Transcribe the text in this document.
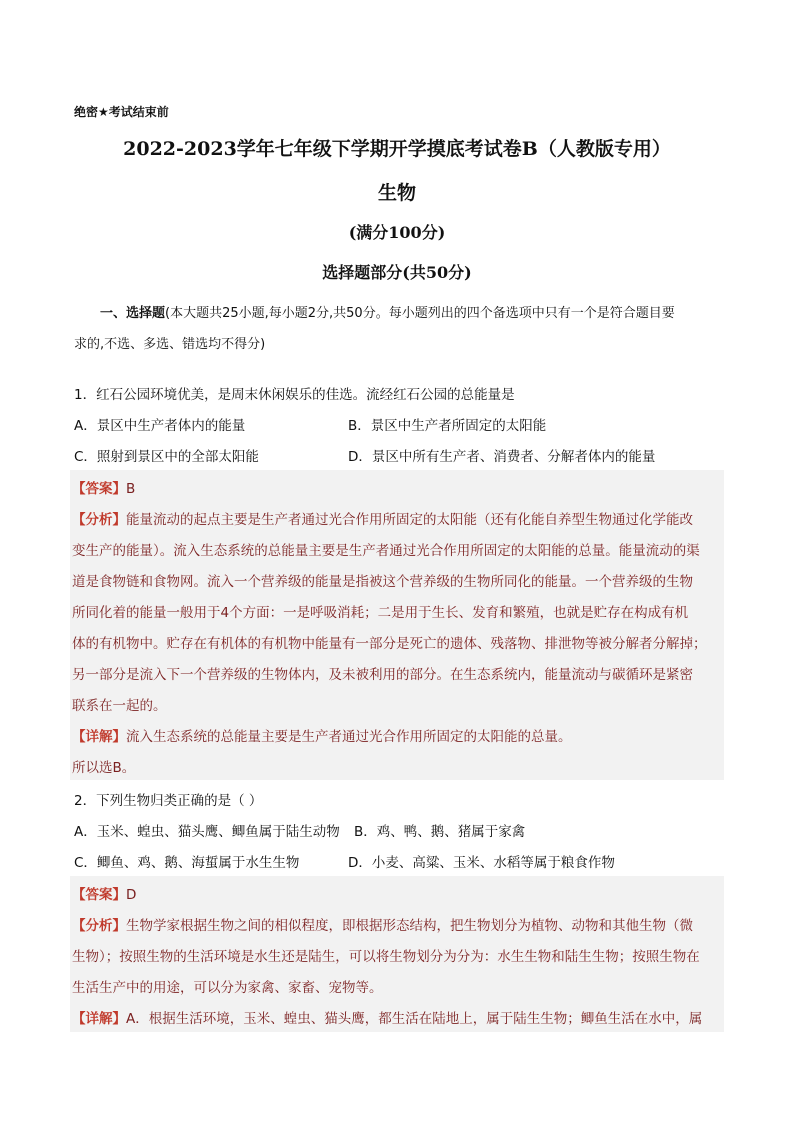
绝密★考试结束前
2022-2023学年七年级下学期开学摸底考试卷B（人教版专用）
生物
(满分100分)
选择题部分(共50分)
一、选择题(本大题共25小题,每小题2分,共50分。每小题列出的四个备选项中只有一个是符合题目要
求的,不选、多选、错选均不得分)
1．红石公园环境优美，是周末休闲娱乐的佳选。流经红石公园的总能量是
A．景区中生产者体内的能量	B．景区中生产者所固定的太阳能
C．照射到景区中的全部太阳能	D．景区中所有生产者、消费者、分解者体内的能量
【答案】B
【分析】能量流动的起点主要是生产者通过光合作用所固定的太阳能（还有化能自养型生物通过化学能改
变生产的能量）。流入生态系统的总能量主要是生产者通过光合作用所固定的太阳能的总量。能量流动的渠
道是食物链和食物网。流入一个营养级的能量是指被这个营养级的生物所同化的能量。一个营养级的生物
所同化着的能量一般用于4个方面：一是呼吸消耗；二是用于生长、发育和繁殖，也就是贮存在构成有机
体的有机物中。贮存在有机体的有机物中能量有一部分是死亡的遗体、残落物、排泄物等被分解者分解掉；
另一部分是流入下一个营养级的生物体内，及未被利用的部分。在生态系统内，能量流动与碳循环是紧密
联系在一起的。
【详解】流入生态系统的总能量主要是生产者通过光合作用所固定的太阳能的总量。
所以选B。
2．下列生物归类正确的是（ ）
A．玉米、蝗虫、猫头鹰、鲫鱼属于陆生动物 B．鸡、鸭、鹅、猪属于家禽
C．鲫鱼、鸡、鹅、海蜇属于水生生物	D．小麦、高粱、玉米、水稻等属于粮食作物
【答案】D
【分析】生物学家根据生物之间的相似程度，即根据形态结构，把生物划分为植物、动物和其他生物（微
生物）；按照生物的生活环境是水生还是陆生，可以将生物划分为分为：水生生物和陆生生物；按照生物在
生活生产中的用途，可以分为家禽、家畜、宠物等。
【详解】A．根据生活环境，玉米、蝗虫、猫头鹰，都生活在陆地上，属于陆生生物；鲫鱼生活在水中，属
